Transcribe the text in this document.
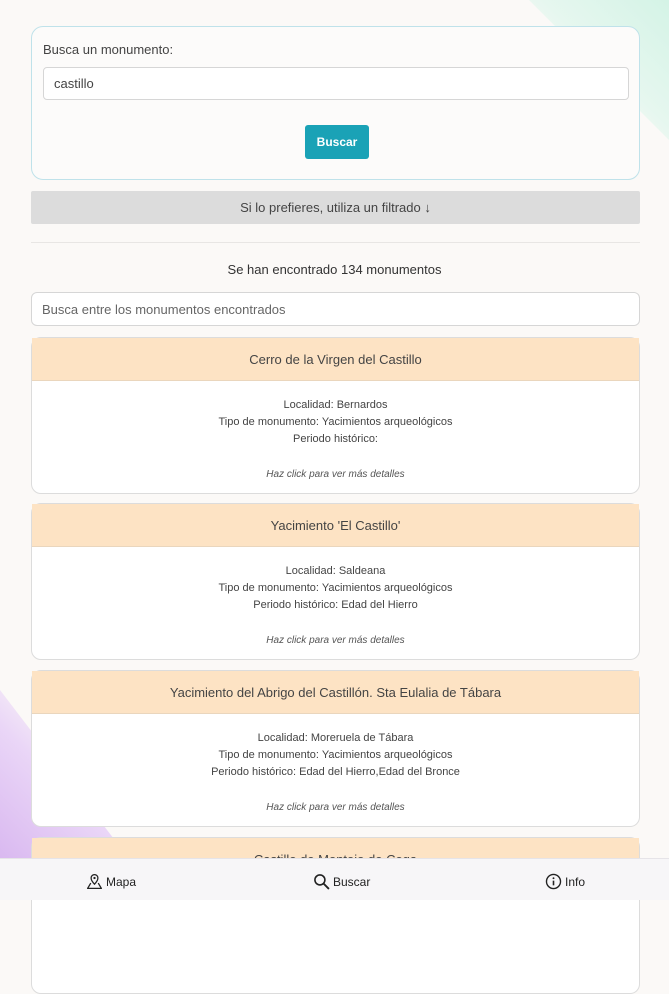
Busca un monumento:
castillo
Buscar
Si lo prefieres, utiliza un filtrado ↓
Se han encontrado 134 monumentos
Busca entre los monumentos encontrados
Cerro de la Virgen del Castillo
Localidad: Bernardos
Tipo de monumento: Yacimientos arqueológicos
Periodo histórico:
Haz click para ver más detalles
Yacimiento 'El Castillo'
Localidad: Saldeana
Tipo de monumento: Yacimientos arqueológicos
Periodo histórico: Edad del Hierro
Haz click para ver más detalles
Yacimiento del Abrigo del Castillón. Sta Eulalia de Tábara
Localidad: Moreruela de Tábara
Tipo de monumento: Yacimientos arqueológicos
Periodo histórico: Edad del Hierro,Edad del Bronce
Haz click para ver más detalles
Mapa	Buscar	Info
